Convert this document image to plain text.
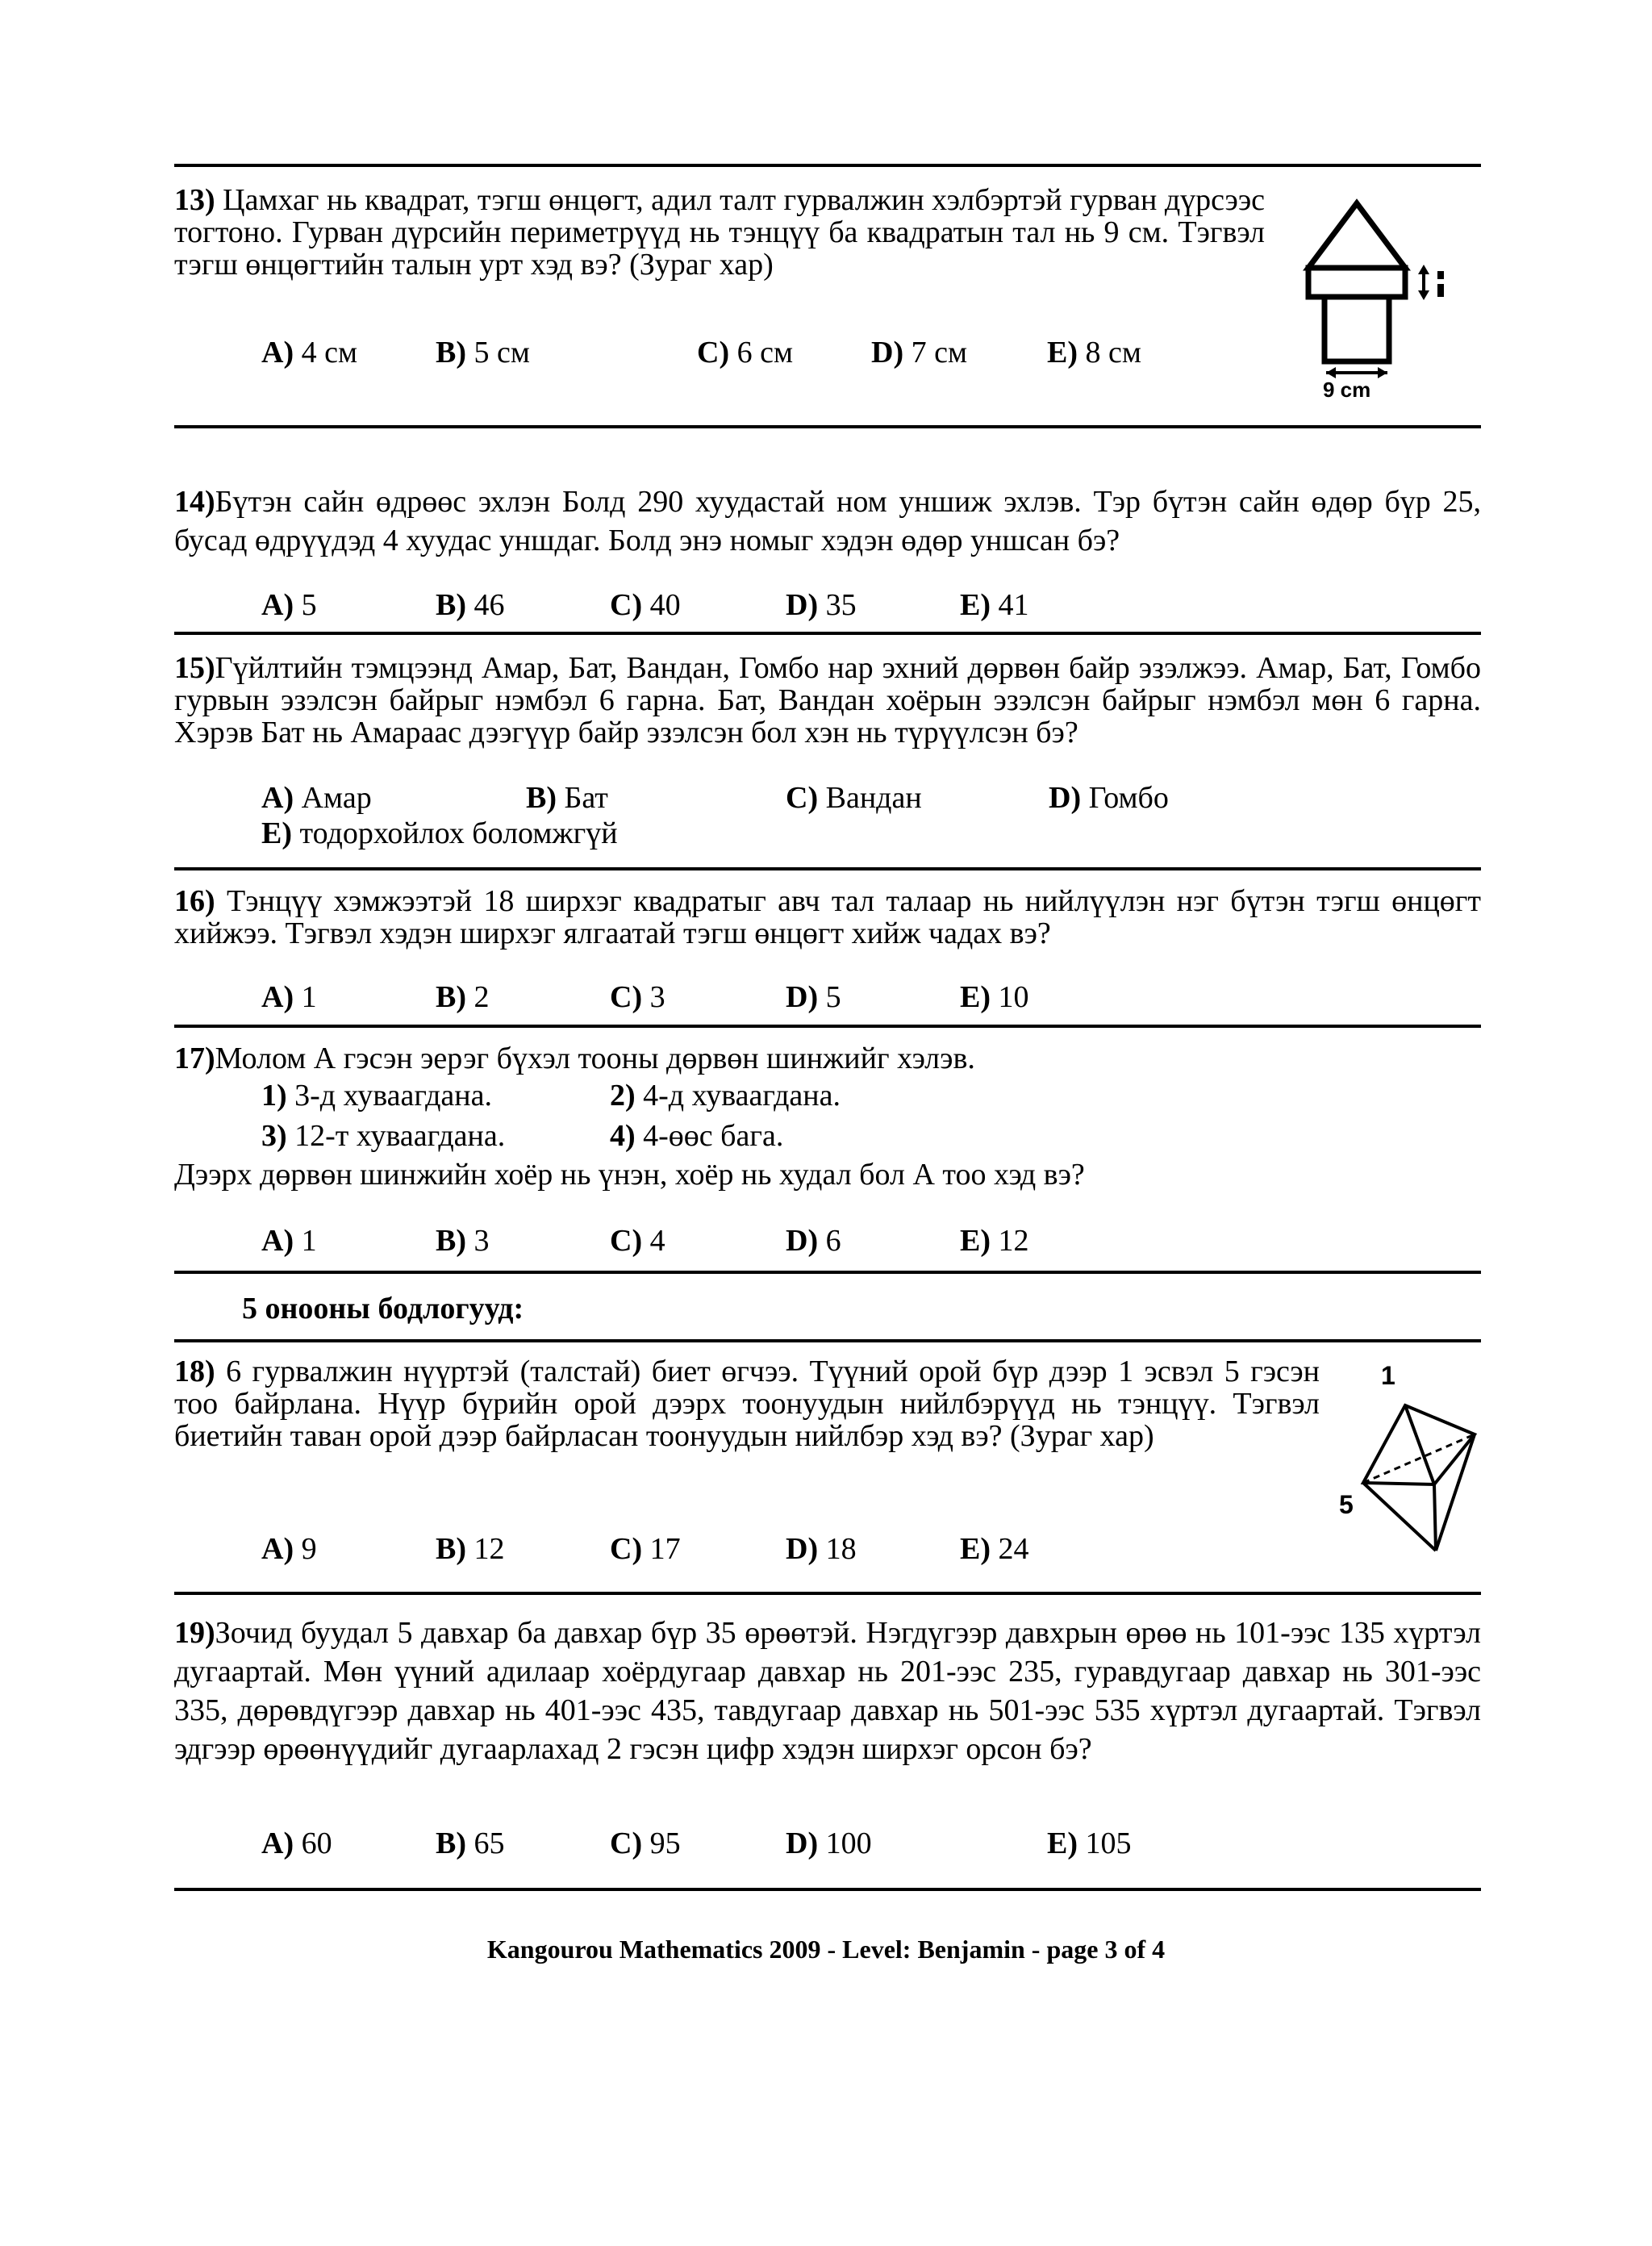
13) Цамхаг нь квадрат, тэгш өнцөгт, адил талт гурвалжин хэлбэртэй гурван дүрсээс тогтоно. Гурван дүрсийн периметрүүд нь тэнцүү ба квадратын тал нь 9 см. Тэгвэл тэгш өнцөгтийн талын урт хэд вэ? (Зураг хар)
A) 4 см	B) 5 см	C) 6 см	D) 7 см	E) 8 см
9 cm
14)Бүтэн сайн өдрөөс эхлэн Болд 290 хуудастай ном уншиж эхлэв. Тэр бүтэн сайн өдөр бүр 25, бусад өдрүүдэд 4 хуудас уншдаг. Болд энэ номыг хэдэн өдөр уншсан бэ?
A) 5	B) 46	C) 40	D) 35	E) 41
15)Гүйлтийн тэмцээнд Амар, Бат, Вандан, Гомбо нар эхний дөрвөн байр эзэлжээ. Амар, Бат, Гомбо гурвын эзэлсэн байрыг нэмбэл 6 гарна. Бат, Вандан хоёрын эзэлсэн байрыг нэмбэл мөн 6 гарна. Хэрэв Бат нь Амараас дээгүүр байр эзэлсэн бол хэн нь түрүүлсэн бэ?
A) Амар	B) Бат	C) Вандан	D) Гомбо
E) тодорхойлох боломжгүй
16) Тэнцүү хэмжээтэй 18 ширхэг квадратыг авч тал талаар нь нийлүүлэн нэг бүтэн тэгш өнцөгт хийжээ. Тэгвэл хэдэн ширхэг ялгаатай тэгш өнцөгт хийж чадах вэ?
A) 1	B) 2	C) 3	D) 5	E) 10
17)Молом А гэсэн эерэг бүхэл тооны дөрвөн шинжийг хэлэв.
1) 3-д хуваагдана.	2) 4-д хуваагдана.
3) 12-т хуваагдана.	4) 4-өөс бага.
Дээрх дөрвөн шинжийн хоёр нь үнэн, хоёр нь худал бол А тоо хэд вэ?
A) 1	B) 3	C) 4	D) 6	E) 12
5 оноoны бодлогууд:
18) 6 гурвалжин нүүртэй (талстай) биет өгчээ. Түүний орой бүр дээр 1 эсвэл 5 гэсэн тоо байрлана. Нүүр бүрийн орой дээрх тоонуудын нийлбэрүүд нь тэнцүү. Тэгвэл биетийн таван орой дээр байрласан тоонуудын нийлбэр хэд вэ? (Зураг хар)
A) 9	B) 12	C) 17	D) 18	E) 24
1
5
19)Зочид буудал 5 давхар ба давхар бүр 35 өрөөтэй. Нэгдүгээр давхрын өрөө нь 101-ээс 135 хүртэл дугаартай. Мөн үүний адилаар хоёрдугаар давхар нь 201-ээс 235, гуравдугаар давхар нь 301-ээс 335, дөрөвдүгээр давхар нь 401-ээс 435, тавдугаар давхар нь 501-ээс 535 хүртэл дугаартай. Тэгвэл эдгээр өрөөнүүдийг дугаарлахад 2 гэсэн цифр хэдэн ширхэг орсон бэ?
A) 60	B) 65	C) 95	D) 100	E) 105
Kangourou Mathematics 2009 - Level: Benjamin - page 3 of 4
